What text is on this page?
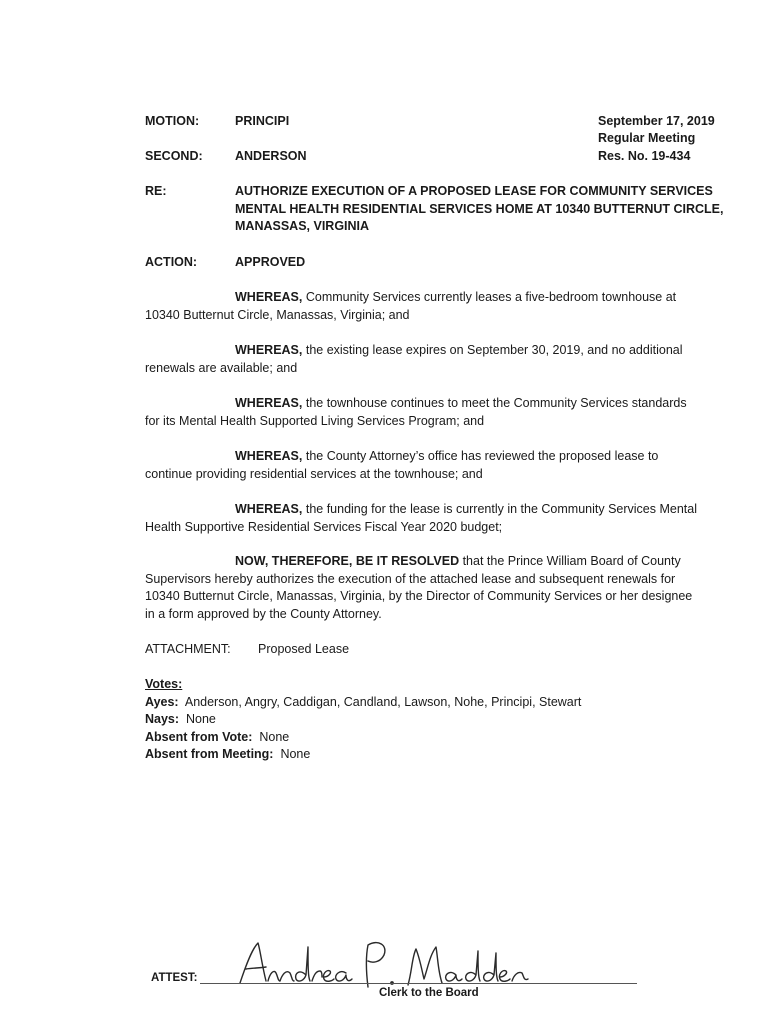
MOTION:	PRINCIPI	September 17, 2019
Regular Meeting
SECOND:	ANDERSON	Res. No. 19-434
RE:	AUTHORIZE EXECUTION OF A PROPOSED LEASE FOR COMMUNITY SERVICES
MENTAL HEALTH RESIDENTIAL SERVICES HOME AT 10340 BUTTERNUT CIRCLE,
MANASSAS, VIRGINIA
ACTION:	APPROVED
WHEREAS, Community Services currently leases a five-bedroom townhouse at
10340 Butternut Circle, Manassas, Virginia; and
WHEREAS, the existing lease expires on September 30, 2019, and no additional
renewals are available; and
WHEREAS, the townhouse continues to meet the Community Services standards
for its Mental Health Supported Living Services Program; and
WHEREAS, the County Attorney’s office has reviewed the proposed lease to
continue providing residential services at the townhouse; and
WHEREAS, the funding for the lease is currently in the Community Services Mental
Health Supportive Residential Services Fiscal Year 2020 budget;
NOW, THEREFORE, BE IT RESOLVED that the Prince William Board of County
Supervisors hereby authorizes the execution of the attached lease and subsequent renewals for
10340 Butternut Circle, Manassas, Virginia, by the Director of Community Services or her designee
in a form approved by the County Attorney.
ATTACHMENT: Proposed Lease
Votes:
Ayes: Anderson, Angry, Caddigan, Candland, Lawson, Nohe, Principi, Stewart
Nays: None
Absent from Vote: None
Absent from Meeting: None
ATTEST:
Clerk to the Board
